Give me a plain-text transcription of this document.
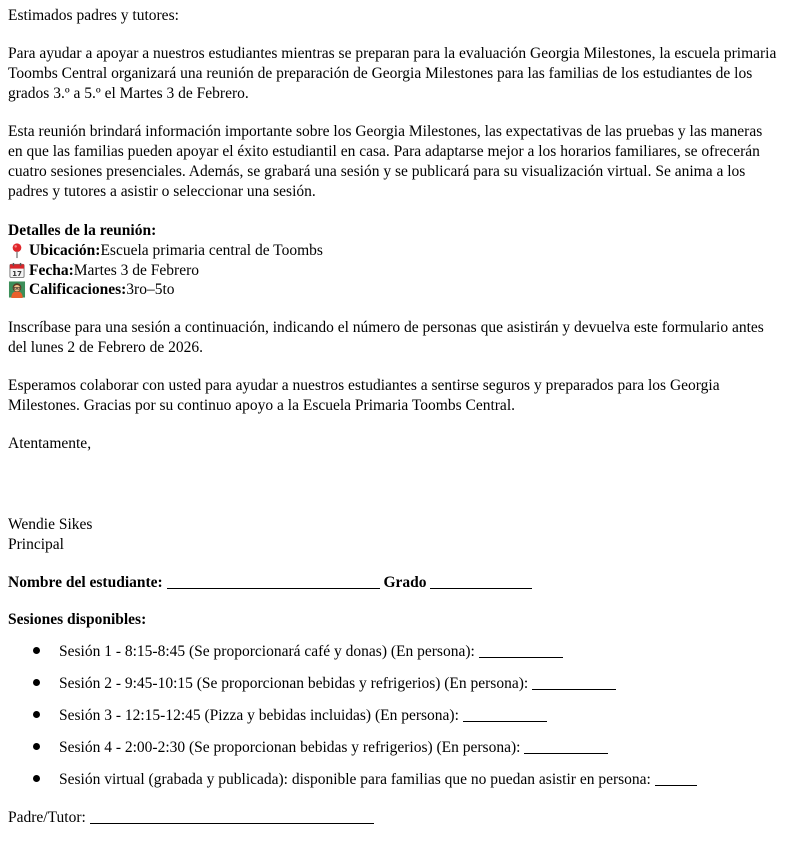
Estimados padres y tutores:

Para ayudar a apoyar a nuestros estudiantes mientras se preparan para la evaluación Georgia Milestones, la escuela primaria Toombs Central organizará una reunión de preparación de Georgia Milestones para las familias de los estudiantes de los grados 3.º a 5.º el Martes 3 de Febrero.

Esta reunión brindará información importante sobre los Georgia Milestones, las expectativas de las pruebas y las maneras en que las familias pueden apoyar el éxito estudiantil en casa. Para adaptarse mejor a los horarios familiares, se ofrecerán cuatro sesiones presenciales. Además, se grabará una sesión y se publicará para su visualización virtual. Se anima a los padres y tutores a asistir o seleccionar una sesión.

Detalles de la reunión:
Ubicación: Escuela primaria central de Toombs
17 Fecha: Martes 3 de Febrero
Calificaciones: 3ro–5to

Inscríbase para una sesión a continuación, indicando el número de personas que asistirán y devuelva este formulario antes del lunes 2 de Febrero de 2026.

Esperamos colaborar con usted para ayudar a nuestros estudiantes a sentirse seguros y preparados para los Georgia Milestones. Gracias por su continuo apoyo a la Escuela Primaria Toombs Central.

Atentamente,

Wendie Sikes
Principal
Nombre del estudiante:	Grado
Sesiones disponibles:
Sesión 1 - 8:15-8:45 (Se proporcionará café y donas) (En persona):
Sesión 2 - 9:45-10:15 (Se proporcionan bebidas y refrigerios) (En persona):
Sesión 3 - 12:15-12:45 (Pizza y bebidas incluidas) (En persona):
Sesión 4 - 2:00-2:30 (Se proporcionan bebidas y refrigerios) (En persona):
Sesión virtual (grabada y publicada): disponible para familias que no puedan asistir en persona:
Padre/Tutor:
